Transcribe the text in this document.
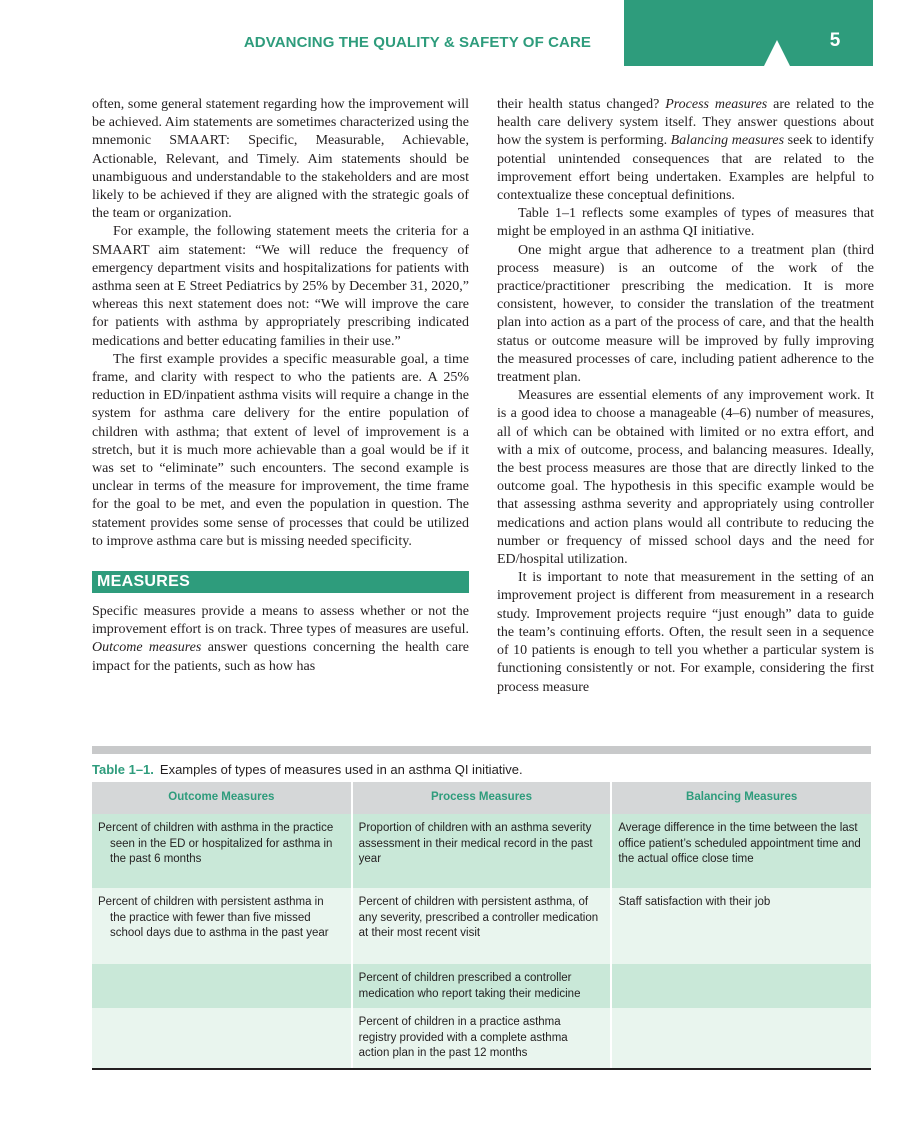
ADVANCING THE QUALITY & SAFETY OF CARE	5

often, some general statement regarding how the improvement will be achieved. Aim statements are sometimes characterized using the mnemonic SMAART: Specific, Measurable, Achievable, Actionable, Relevant, and Timely. Aim statements should be unambiguous and understandable to the stakeholders and are most likely to be achieved if they are aligned with the strategic goals of the team or organization.

For example, the following statement meets the criteria for a SMAART aim statement: “We will reduce the frequency of emergency department visits and hospitalizations for patients with asthma seen at E Street Pediatrics by 25% by December 31, 2020,” whereas this next statement does not: “We will improve the care for patients with asthma by appropriately prescribing indicated medications and better educating families in their use.”

The first example provides a specific measurable goal, a time frame, and clarity with respect to who the patients are. A 25% reduction in ED/inpatient asthma visits will require a change in the system for asthma care delivery for the entire population of children with asthma; that extent of level of improvement is a stretch, but it is much more achievable than a goal would be if it was set to “eliminate” such encounters. The second example is unclear in terms of the measure for improvement, the time frame for the goal to be met, and even the population in question. The statement provides some sense of processes that could be utilized to improve asthma care but is missing needed specificity.

MEASURES

Specific measures provide a means to assess whether or not the improvement effort is on track. Three types of measures are useful. Outcome measures answer questions concerning the health care impact for the patients, such as how has

their health status changed? Process measures are related to the health care delivery system itself. They answer questions about how the system is performing. Balancing measures seek to identify potential unintended consequences that are related to the improvement effort being undertaken. Examples are helpful to contextualize these conceptual definitions.

Table 1–1 reflects some examples of types of measures that might be employed in an asthma QI initiative.

One might argue that adherence to a treatment plan (third process measure) is an outcome of the work of the practice/practitioner prescribing the medication. It is more consistent, however, to consider the translation of the treatment plan into action as a part of the process of care, and that the health status or outcome measure will be improved by fully improving the measured processes of care, including patient adherence to the treatment plan.

Measures are essential elements of any improvement work. It is a good idea to choose a manageable (4–6) number of measures, all of which can be obtained with limited or no extra effort, and with a mix of outcome, process, and balancing measures. Ideally, the best process measures are those that are directly linked to the outcome goal. The hypothesis in this specific example would be that assessing asthma severity and appropriately using controller medications and action plans would all contribute to reducing the number or frequency of missed school days and the need for ED/hospital utilization.

It is important to note that measurement in the setting of an improvement project is different from measurement in a research study. Improvement projects require “just enough” data to guide the team’s continuing efforts. Often, the result seen in a sequence of 10 patients is enough to tell you whether a particular system is functioning consistently or not. For example, considering the first process measure

Table 1–1. Examples of types of measures used in an asthma QI initiative.
Outcome Measures	Process Measures	Balancing Measures

Percent of children with asthma in the practice seen in the ED or hospitalized for asthma in the past 6 months	Proportion of children with an asthma severity assessment in their medical record in the past year	Average difference in the time between the last office patient’s scheduled appointment time and the actual office close time

Percent of children with persistent asthma in the practice with fewer than five missed school days due to asthma in the past year	Percent of children with persistent asthma, of any severity, prescribed a controller medication at their most recent visit	Staff satisfaction with their job
	Percent of children prescribed a controller medication who report taking their medicine	
	Percent of children in a practice asthma registry provided with a complete asthma action plan in the past 12 months	
